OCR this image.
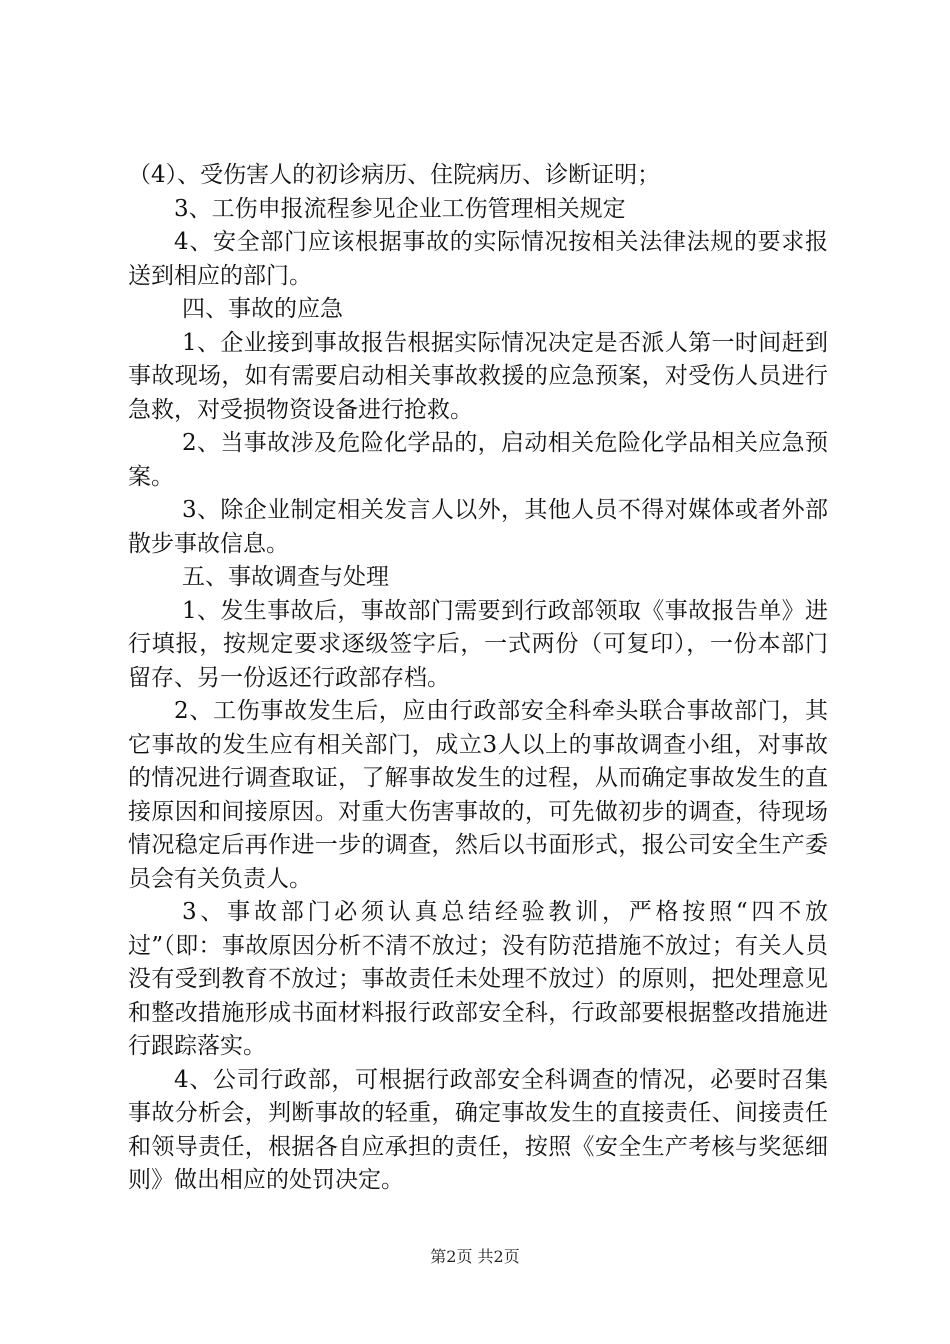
（4）、受伤害人的初诊病历、住院病历、诊断证明；

3、工伤申报流程参见企业工伤管理相关规定

4、安全部门应该根据事故的实际情况按相关法律法规的要求报送到相应的部门。

四、事故的应急

1、企业接到事故报告根据实际情况决定是否派人第一时间赶到事故现场，如有需要启动相关事故救援的应急预案，对受伤人员进行急救，对受损物资设备进行抢救。

2、当事故涉及危险化学品的，启动相关危险化学品相关应急预案。

3、除企业制定相关发言人以外，其他人员不得对媒体或者外部散步事故信息。

五、事故调查与处理

1、发生事故后，事故部门需要到行政部领取《事故报告单》进行填报，按规定要求逐级签字后，一式两份（可复印），一份本部门留存、另一份返还行政部存档。

2、工伤事故发生后，应由行政部安全科牵头联合事故部门，其它事故的发生应有相关部门，成立3人以上的事故调查小组，对事故的情况进行调查取证，了解事故发生的过程，从而确定事故发生的直接原因和间接原因。对重大伤害事故的，可先做初步的调查，待现场情况稳定后再作进一步的调查，然后以书面形式，报公司安全生产委员会有关负责人。

3、事故部门必须认真总结经验教训，严格按照“四不放过”（即：事故原因分析不清不放过；没有防范措施不放过；有关人员没有受到教育不放过；事故责任未处理不放过）的原则，把处理意见和整改措施形成书面材料报行政部安全科，行政部要根据整改措施进行跟踪落实。

4、公司行政部，可根据行政部安全科调查的情况，必要时召集事故分析会，判断事故的轻重，确定事故发生的直接责任、间接责任和领导责任，根据各自应承担的责任，按照《安全生产考核与奖惩细则》做出相应的处罚决定。

第2页 共2页
